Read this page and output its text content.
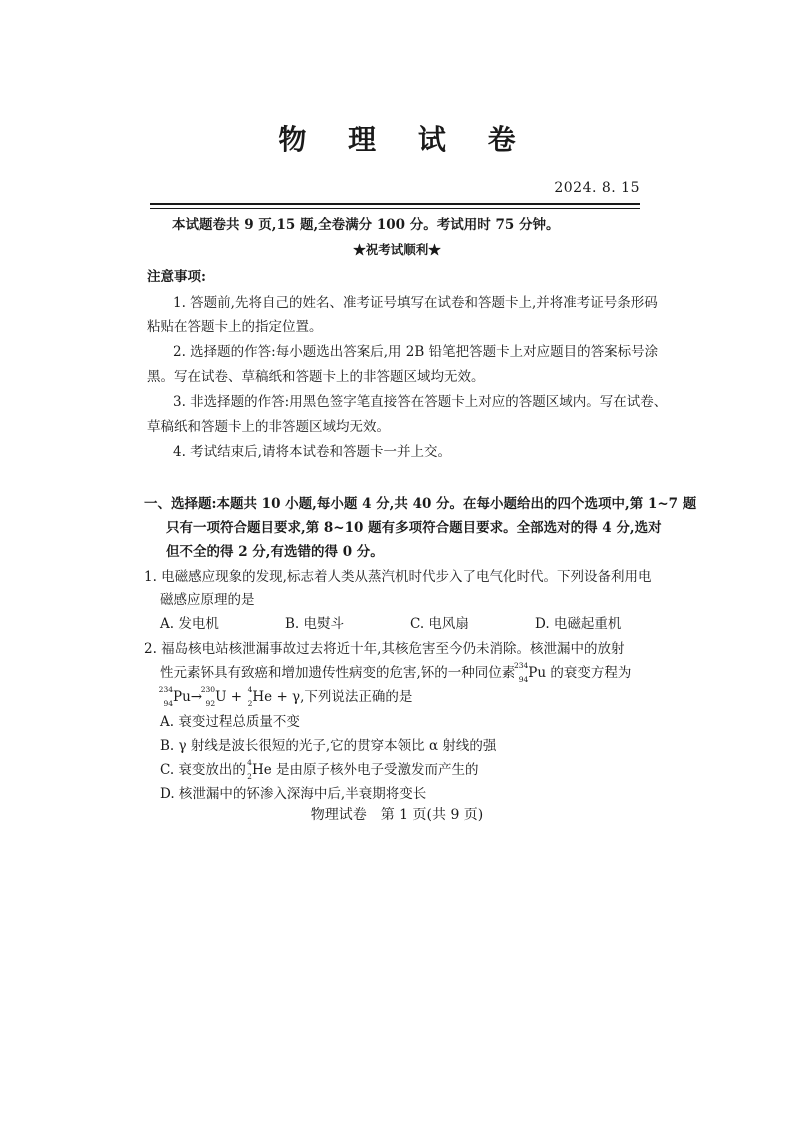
物 理 试 卷
2024. 8. 15
本试题卷共 9 页,15 题,全卷满分 100 分。考试用时 75 分钟。
★祝考试顺利★
注意事项:
1. 答题前,先将自己的姓名、准考证号填写在试卷和答题卡上,并将准考证号条形码
粘贴在答题卡上的指定位置。
2. 选择题的作答:每小题选出答案后,用 2B 铅笔把答题卡上对应题目的答案标号涂
黑。写在试卷、草稿纸和答题卡上的非答题区域均无效。
3. 非选择题的作答:用黑色签字笔直接答在答题卡上对应的答题区域内。写在试卷、
草稿纸和答题卡上的非答题区域均无效。
4. 考试结束后,请将本试卷和答题卡一并上交。
一、选择题:本题共 10 小题,每小题 4 分,共 40 分。在每小题给出的四个选项中,第 1~7 题
只有一项符合题目要求,第 8~10 题有多项符合题目要求。全部选对的得 4 分,选对
但不全的得 2 分,有选错的得 0 分。
1. 电磁感应现象的发现,标志着人类从蒸汽机时代步入了电气化时代。下列设备利用电
磁感应原理的是
A. 发电机	B. 电熨斗	C. 电风扇	D. 电磁起重机
2. 福岛核电站核泄漏事故过去将近十年,其核危害至今仍未消除。核泄漏中的放射
性元素钚具有致癌和增加遗传性病变的危害,钚的一种同位素
234
94 Pu 的衰变方程为
234
94 Pu→
230
92 U + 4
2 He + γ,下列说法正确的是
A. 衰变过程总质量不变
B. γ 射线是波长很短的光子,它的贯穿本领比 α 射线的强
C. 衰变放出的 4
2 He 是由原子核外电子受激发而产生的
D. 核泄漏中的钚渗入深海中后,半衰期将变长
物理试卷　第 1 页(共 9 页)
